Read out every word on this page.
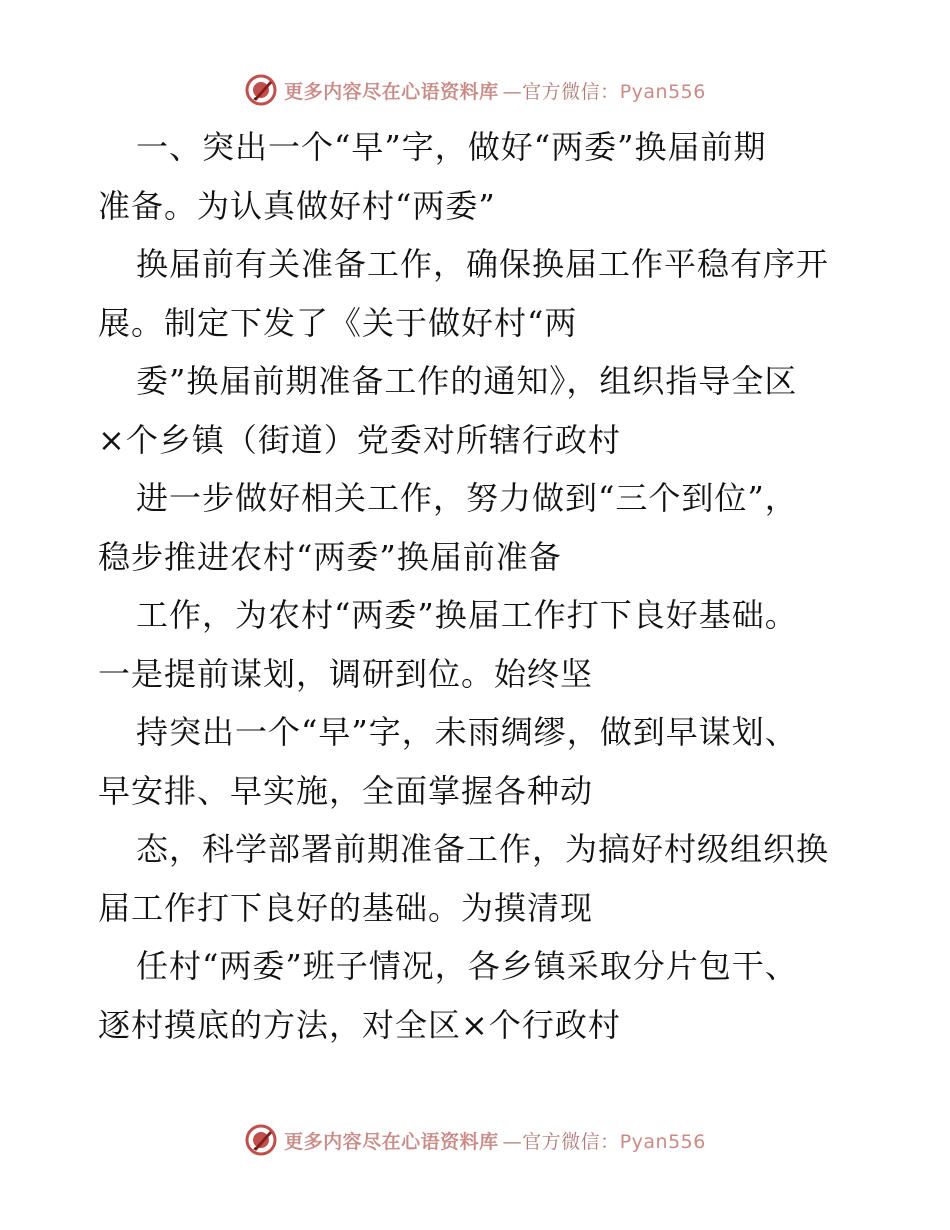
更多内容尽在心语资料库 —官方微信：Pyan556
一、突出一个“早”字，做好“两委”换届前期
准备。为认真做好村“两委”
换届前有关准备工作，确保换届工作平稳有序开
展。制定下发了《关于做好村“两
委”换届前期准备工作的通知》，组织指导全区
×个乡镇（街道）党委对所辖行政村
进一步做好相关工作，努力做到“三个到位”，
稳步推进农村“两委”换届前准备
工作，为农村“两委”换届工作打下良好基础。
一是提前谋划，调研到位。始终坚
持突出一个“早”字，未雨绸缪，做到早谋划、
早安排、早实施，全面掌握各种动
态，科学部署前期准备工作，为搞好村级组织换
届工作打下良好的基础。为摸清现
任村“两委”班子情况，各乡镇采取分片包干、
逐村摸底的方法，对全区×个行政村
更多内容尽在心语资料库 —官方微信：Pyan556
